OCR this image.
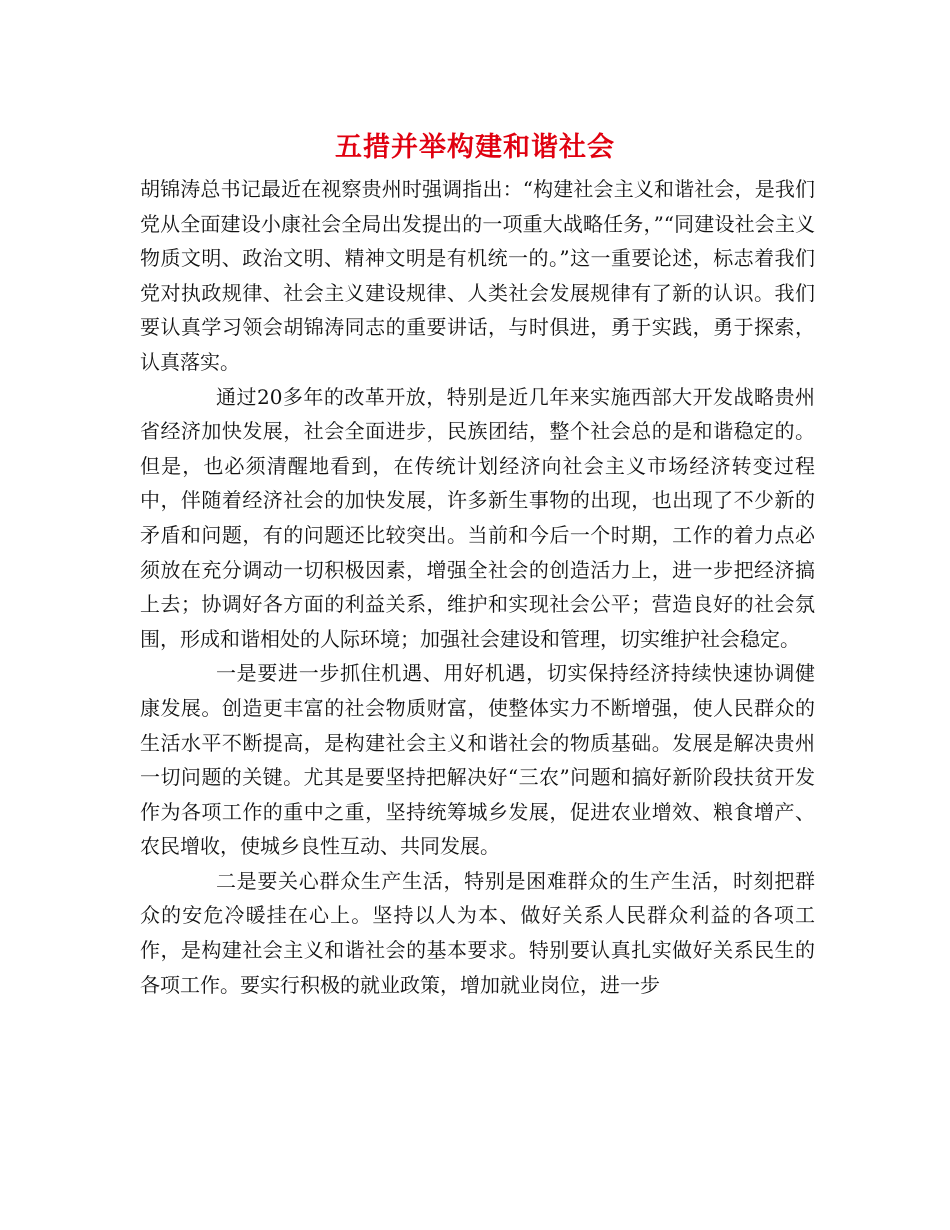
五措并举构建和谐社会

胡锦涛总书记最近在视察贵州时强调指出：“构建社会主义和谐社会，是我们党从全面建设小康社会全局出发提出的一项重大战略任务，”“同建设社会主义物质文明、政治文明、精神文明是有机统一的。”这一重要论述，标志着我们党对执政规律、社会主义建设规律、人类社会发展规律有了新的认识。我们要认真学习领会胡锦涛同志的重要讲话，与时俱进，勇于实践，勇于探索，认真落实。

通过20多年的改革开放，特别是近几年来实施西部大开发战略贵州省经济加快发展，社会全面进步，民族团结，整个社会总的是和谐稳定的。但是，也必须清醒地看到，在传统计划经济向社会主义市场经济转变过程中，伴随着经济社会的加快发展，许多新生事物的出现，也出现了不少新的矛盾和问题，有的问题还比较突出。当前和今后一个时期，工作的着力点必须放在充分调动一切积极因素，增强全社会的创造活力上，进一步把经济搞上去；协调好各方面的利益关系，维护和实现社会公平；营造良好的社会氛围，形成和谐相处的人际环境；加强社会建设和管理，切实维护社会稳定。

一是要进一步抓住机遇、用好机遇，切实保持经济持续快速协调健康发展。创造更丰富的社会物质财富，使整体实力不断增强，使人民群众的生活水平不断提高，是构建社会主义和谐社会的物质基础。发展是解决贵州一切问题的关键。尤其是要坚持把解决好“三农”问题和搞好新阶段扶贫开发作为各项工作的重中之重，坚持统筹城乡发展，促进农业增效、粮食增产、农民增收，使城乡良性互动、共同发展。

二是要关心群众生产生活，特别是困难群众的生产生活，时刻把群众的安危冷暖挂在心上。坚持以人为本、做好关系人民群众利益的各项工作，是构建社会主义和谐社会的基本要求。特别要认真扎实做好关系民生的各项工作。要实行积极的就业政策，增加就业岗位，进一步
